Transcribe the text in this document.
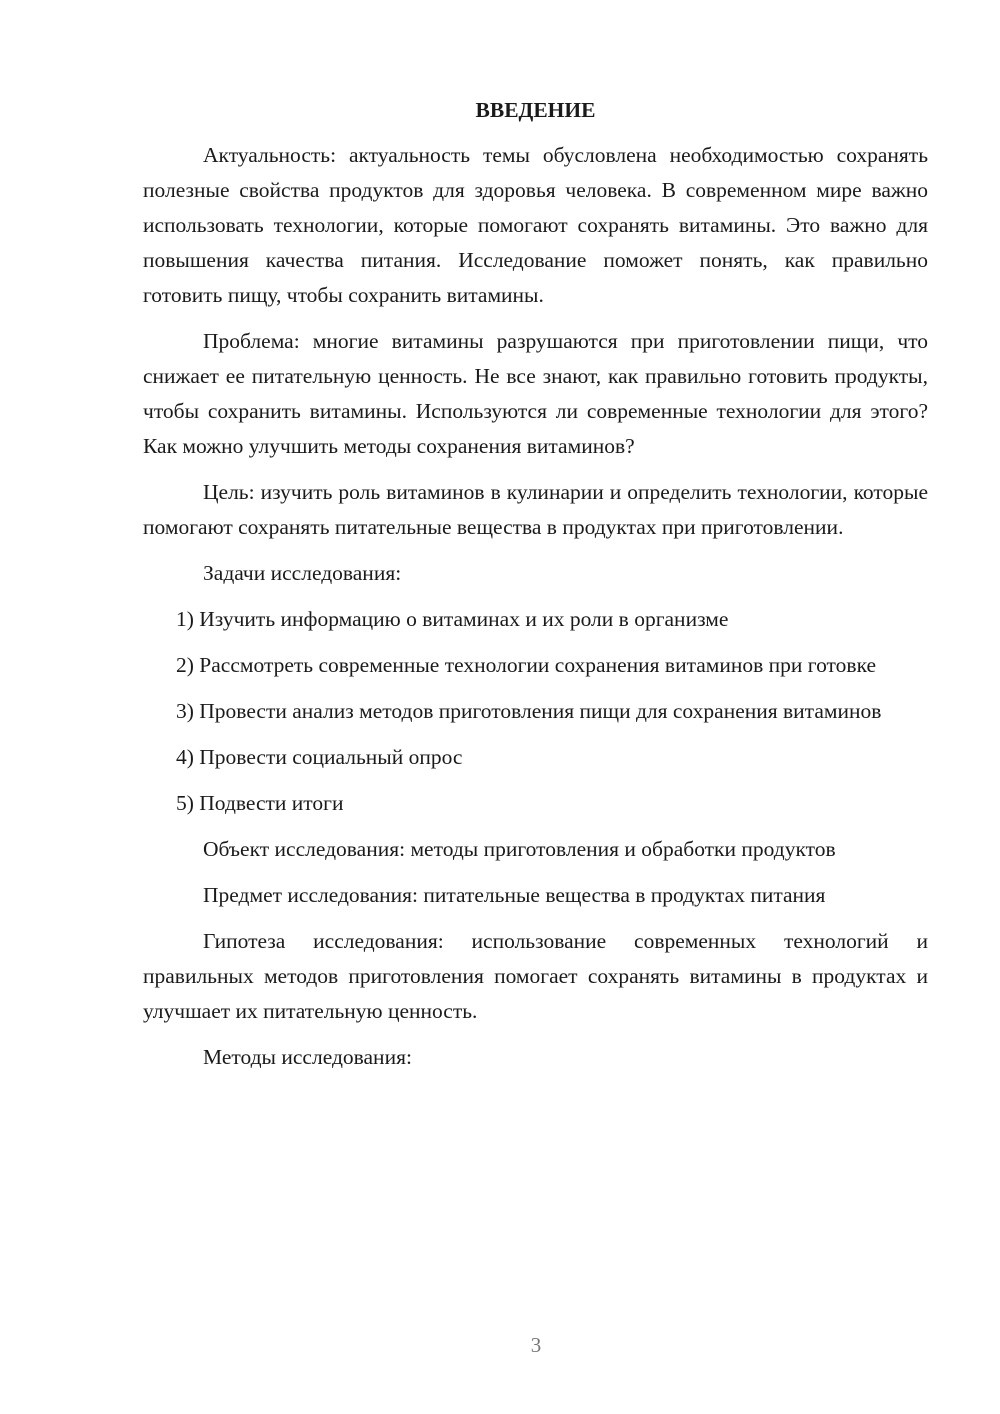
ВВЕДЕНИЕ

Актуальность: актуальность темы обусловлена необходимостью сохранять полезные свойства продуктов для здоровья человека. В современном мире важно использовать технологии, которые помогают сохранять витамины. Это важно для повышения качества питания. Исследование поможет понять, как правильно готовить пищу, чтобы сохранить витамины.

Проблема: многие витамины разрушаются при приготовлении пищи, что снижает ее питательную ценность. Не все знают, как правильно готовить продукты, чтобы сохранить витамины. Используются ли современные технологии для этого? Как можно улучшить методы сохранения витаминов?

Цель: изучить роль витаминов в кулинарии и определить технологии, которые помогают сохранять питательные вещества в продуктах при приготовлении.

Задачи исследования:

1) Изучить информацию о витаминах и их роли в организме

2) Рассмотреть современные технологии сохранения витаминов при готовке

3) Провести анализ методов приготовления пищи для сохранения витаминов

4) Провести социальный опрос

5) Подвести итоги

Объект исследования: методы приготовления и обработки продуктов

Предмет исследования: питательные вещества в продуктах питания

Гипотеза исследования: использование современных технологий и правильных методов приготовления помогает сохранять витамины в продуктах и улучшает их питательную ценность.

Методы исследования:

3
